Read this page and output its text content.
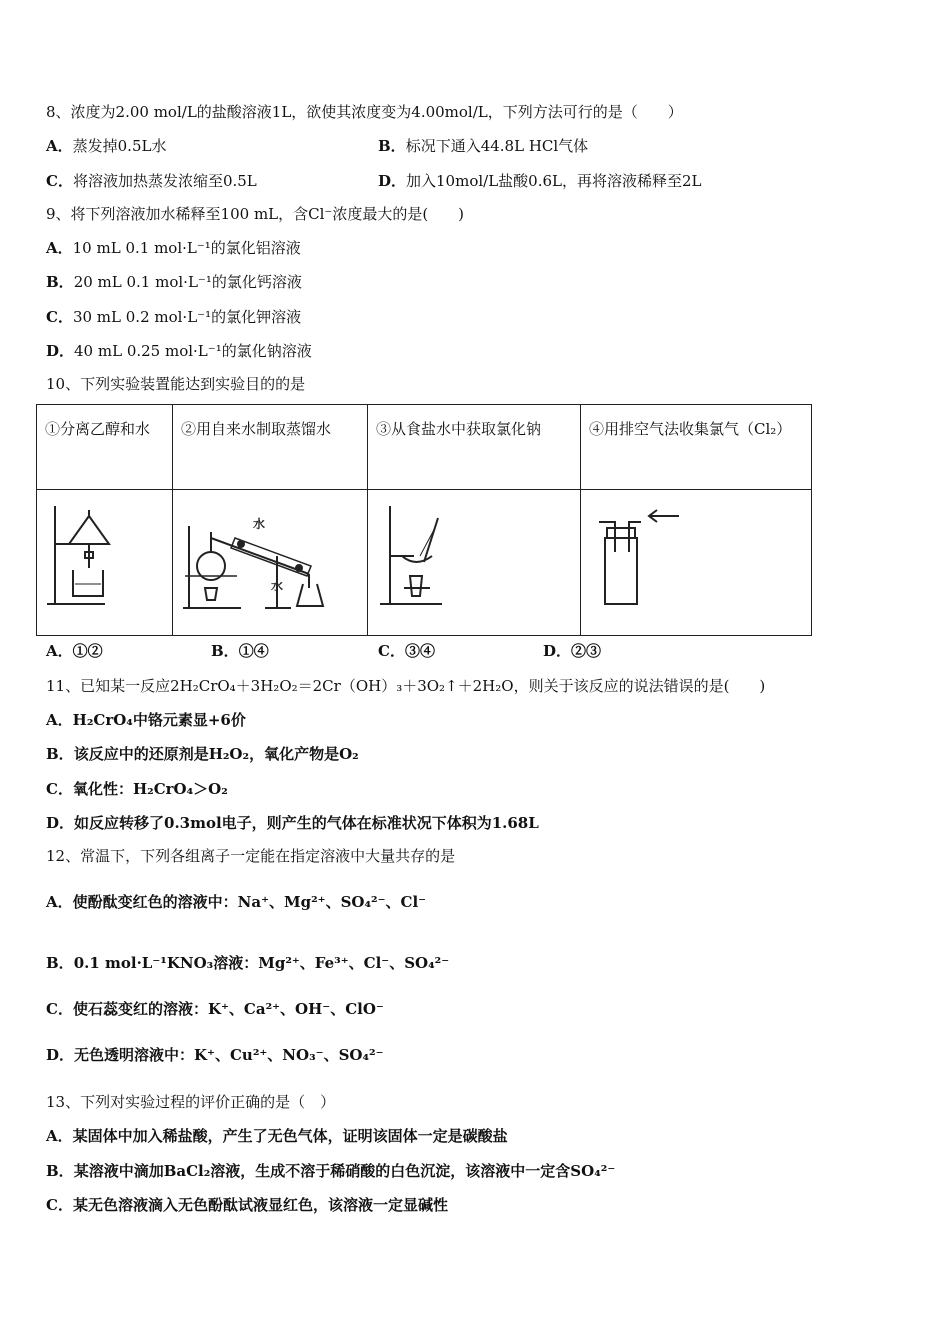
8、浓度为2.00 mol/L的盐酸溶液1L，欲使其浓度变为4.00mol/L，下列方法可行的是（　　）
A．蒸发掉0.5L水	B．标况下通入44.8L HCl气体
C．将溶液加热蒸发浓缩至0.5L	D．加入10mol/L盐酸0.6L，再将溶液稀释至2L
9、将下列溶液加水稀释至100 mL，含Cl⁻浓度最大的是(　　)
A．10 mL 0.1 mol·L⁻¹的氯化铝溶液
B．20 mL 0.1 mol·L⁻¹的氯化钙溶液
C．30 mL 0.2 mol·L⁻¹的氯化钾溶液
D．40 mL 0.25 mol·L⁻¹的氯化钠溶液
10、下列实验装置能达到实验目的的是
①分离乙醇和水	②用自来水制取蒸馏水	③从食盐水中获取氯化钠	④用排空气法收集氯气（Cl₂）

水
水

A．①②	B．①④	C．③④	D．②③
11、已知某一反应2H₂CrO₄＋3H₂O₂＝2Cr（OH）₃＋3O₂↑＋2H₂O，则关于该反应的说法错误的是(　　)
A．H₂CrO₄中铬元素显+6价
B．该反应中的还原剂是H₂O₂，氧化产物是O₂
C．氧化性：H₂CrO₄＞O₂
D．如反应转移了0.3mol电子，则产生的气体在标准状况下体积为1.68L
12、常温下，下列各组离子一定能在指定溶液中大量共存的是
A．使酚酞变红色的溶液中：Na⁺、Mg²⁺、SO₄²⁻、Cl⁻
B．0.1 mol·L⁻¹KNO₃溶液：Mg²⁺、Fe³⁺、Cl⁻、SO₄²⁻
C．使石蕊变红的溶液：K⁺、Ca²⁺、OH⁻、ClO⁻
D．无色透明溶液中：K⁺、Cu²⁺、NO₃⁻、SO₄²⁻
13、下列对实验过程的评价正确的是（　）
A．某固体中加入稀盐酸，产生了无色气体，证明该固体一定是碳酸盐
B．某溶液中滴加BaCl₂溶液，生成不溶于稀硝酸的白色沉淀，该溶液中一定含SO₄²⁻
C．某无色溶液滴入无色酚酞试液显红色，该溶液一定显碱性
